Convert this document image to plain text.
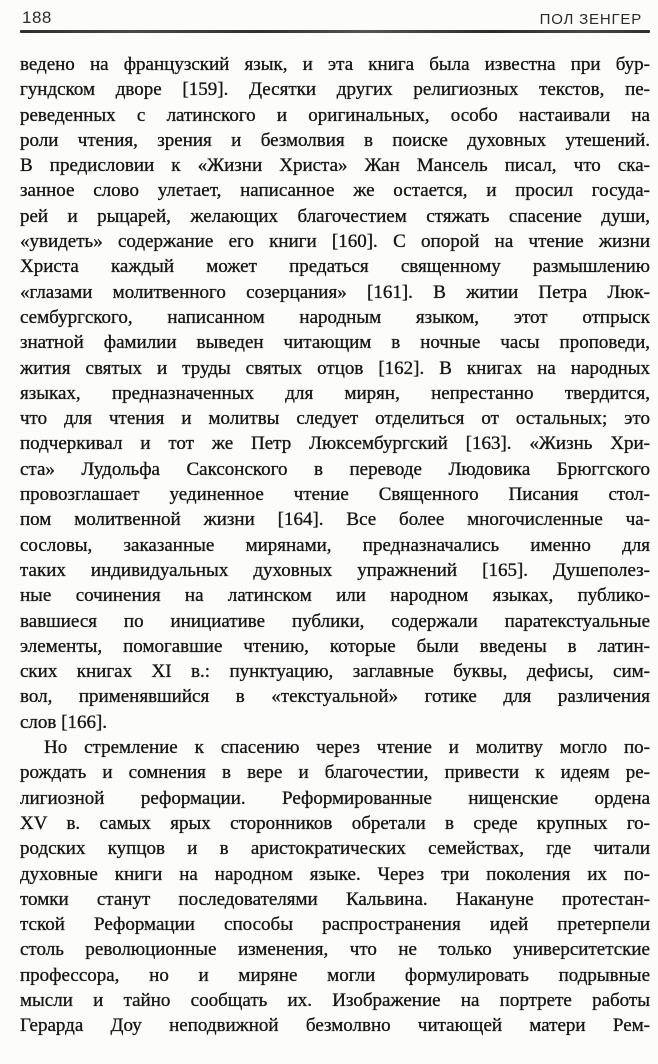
188	ПОЛ ЗЕНГЕР
ведено на французский язык, и эта книга была известна при бур-
гундском дворе [159]. Десятки других религиозных текстов, пе-
реведенных с латинского и оригинальных, особо настаивали на
роли чтения, зрения и безмолвия в поиске духовных утешений.
В предисловии к «Жизни Христа» Жан Мансель писал, что ска-
занное слово улетает, написанное же остается, и просил госуда-
рей и рыцарей, желающих благочестием стяжать спасение души,
«увидеть» содержание его книги [160]. С опорой на чтение жизни
Христа каждый может предаться священному размышлению
«глазами молитвенного созерцания» [161]. В житии Петра Люк-
сембургского, написанном народным языком, этот отпрыск
знатной фамилии выведен читающим в ночные часы проповеди,
жития святых и труды святых отцов [162]. В книгах на народных
языках, предназначенных для мирян, непрестанно твердится,
что для чтения и молитвы следует отделиться от остальных; это
подчеркивал и тот же Петр Люксембургский [163]. «Жизнь Хри-
ста» Лудольфа Саксонского в переводе Людовика Брюггского
провозглашает уединенное чтение Священного Писания стол-
пом молитвенной жизни [164]. Все более многочисленные ча-
сословы, заказанные мирянами, предназначались именно для
таких индивидуальных духовных упражнений [165]. Душеполез-
ные сочинения на латинском или народном языках, публико-
вавшиеся по инициативе публики, содержали паратекстуальные
элементы, помогавшие чтению, которые были введены в латин-
ских книгах XI в.: пунктуацию, заглавные буквы, дефисы, сим-
вол, применявшийся в «текстуальной» готике для различения
слов [166].
Но стремление к спасению через чтение и молитву могло по-
рождать и сомнения в вере и благочестии, привести к идеям ре-
лигиозной реформации. Реформированные нищенские ордена
XV в. самых ярых сторонников обретали в среде крупных го-
родских купцов и в аристократических семействах, где читали
духовные книги на народном языке. Через три поколения их по-
томки станут последователями Кальвина. Накануне протестан-
тской Реформации способы распространения идей претерпели
столь революционные изменения, что не только университетские
профессора, но и миряне могли формулировать подрывные
мысли и тайно сообщать их. Изображение на портрете работы
Герарда Доу неподвижной безмолвно читающей матери Рем-
